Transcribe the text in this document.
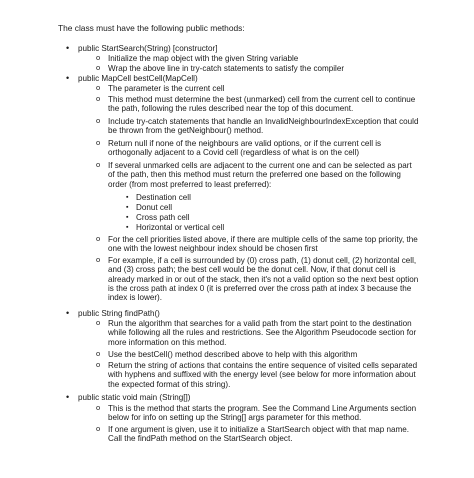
The class must have the following public methods:
• public StartSearch(String) [constructor]
o Initialize the map object with the given String variable
o Wrap the above line in try-catch statements to satisfy the compiler
• public MapCell bestCell(MapCell)
o The parameter is the current cell
o This method must determine the best (unmarked) cell from the current cell to continue the path, following the rules described near the top of this document.
o Include try-catch statements that handle an InvalidNeighbourIndexException that could be thrown from the getNeighbour() method.
o Return null if none of the neighbours are valid options, or if the current cell is orthogonally adjacent to a Covid cell (regardless of what is on the cell)
o If several unmarked cells are adjacent to the current one and can be selected as part of the path, then this method must return the preferred one based on the following order (from most preferred to least preferred):
▪ Destination cell
▪ Donut cell
▪ Cross path cell
▪ Horizontal or vertical cell
o For the cell priorities listed above, if there are multiple cells of the same top priority, the one with the lowest neighbour index should be chosen first
o For example, if a cell is surrounded by (0) cross path, (1) donut cell, (2) horizontal cell, and (3) cross path; the best cell would be the donut cell. Now, if that donut cell is already marked in or out of the stack, then it's not a valid option so the next best option is the cross path at index 0 (it is preferred over the cross path at index 3 because the index is lower).
• public String findPath()
o Run the algorithm that searches for a valid path from the start point to the destination while following all the rules and restrictions. See the Algorithm Pseudocode section for more information on this method.
o Use the bestCell() method described above to help with this algorithm
o Return the string of actions that contains the entire sequence of visited cells separated with hyphens and suffixed with the energy level (see below for more information about the expected format of this string).
• public static void main (String[])
o This is the method that starts the program. See the Command Line Arguments section below for info on setting up the String[] args parameter for this method.
o If one argument is given, use it to initialize a StartSearch object with that map name. Call the findPath method on the StartSearch object.
